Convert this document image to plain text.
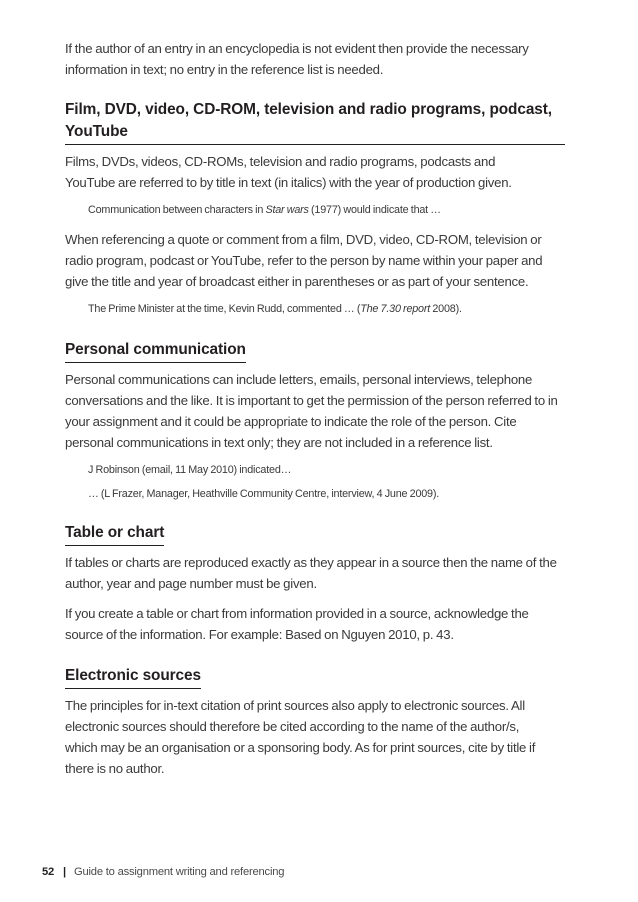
If the author of an entry in an encyclopedia is not evident then provide the necessary information in text; no entry in the reference list is needed.

Film, DVD, video, CD-ROM, television and radio programs, podcast, YouTube

Films, DVDs, videos, CD-ROMs, television and radio programs, podcasts and YouTube are referred to by title in text (in italics) with the year of production given.

Communication between characters in Star wars (1977) would indicate that …

When referencing a quote or comment from a film, DVD, video, CD-ROM, television or radio program, podcast or YouTube, refer to the person by name within your paper and give the title and year of broadcast either in parentheses or as part of your sentence.

The Prime Minister at the time, Kevin Rudd, commented … (The 7.30 report 2008).

Personal communication

Personal communications can include letters, emails, personal interviews, telephone conversations and the like. It is important to get the permission of the person referred to in your assignment and it could be appropriate to indicate the role of the person. Cite personal communications in text only; they are not included in a reference list.

J Robinson (email, 11 May 2010) indicated…

… (L Frazer, Manager, Heathville Community Centre, interview, 4 June 2009).

Table or chart

If tables or charts are reproduced exactly as they appear in a source then the name of the author, year and page number must be given.

If you create a table or chart from information provided in a source, acknowledge the source of the information. For example: Based on Nguyen 2010, p. 43.

Electronic sources

The principles for in-text citation of print sources also apply to electronic sources. All electronic sources should therefore be cited according to the name of the author/s, which may be an organisation or a sponsoring body. As for print sources, cite by title if there is no author.

52 | Guide to assignment writing and referencing
